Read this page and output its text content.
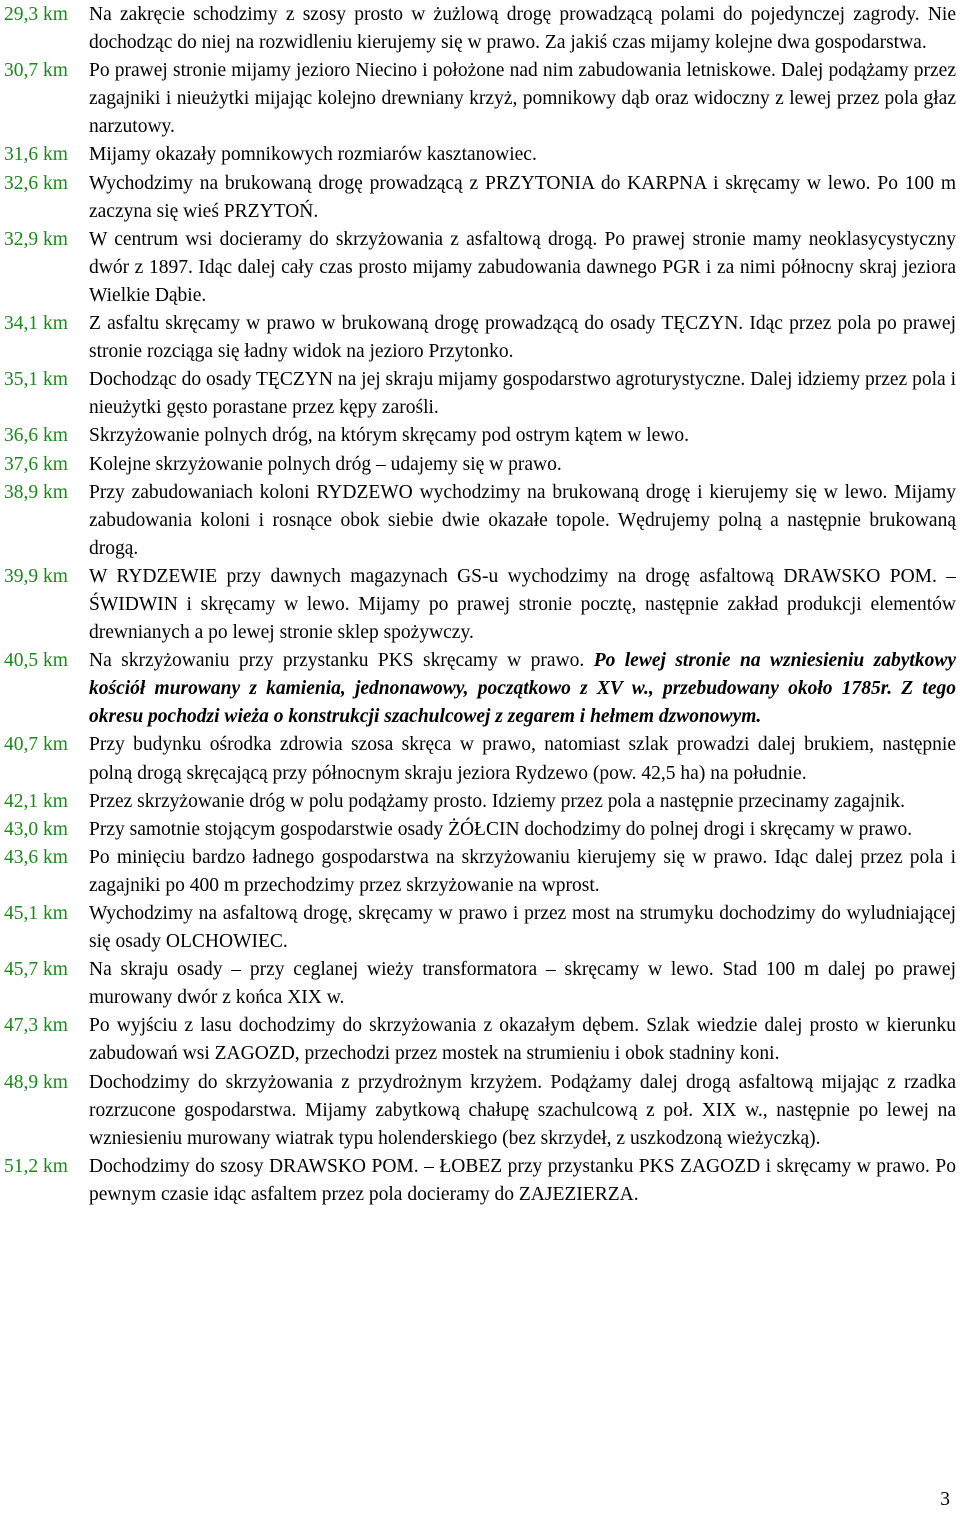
29,3 km	Na zakręcie schodzimy z szosy prosto w żużlową drogę prowadzącą polami do pojedynczej zagrody. Nie dochodząc do niej na rozwidleniu kierujemy się w prawo. Za jakiś czas mijamy kolejne dwa gospodarstwa.
30,7 km	Po prawej stronie mijamy jezioro Niecino i położone nad nim zabudowania letniskowe. Dalej podążamy przez zagajniki i nieużytki mijając kolejno drewniany krzyż, pomnikowy dąb oraz widoczny z lewej przez pola głaz narzutowy.
31,6 km	Mijamy okazały pomnikowych rozmiarów kasztanowiec.
32,6 km	Wychodzimy na brukowaną drogę prowadzącą z PRZYTONIA do KARPNA i skręcamy w lewo. Po 100 m zaczyna się wieś PRZYTOŃ.
32,9 km	W centrum wsi docieramy do skrzyżowania z asfaltową drogą. Po prawej stronie mamy neoklasycystyczny dwór z 1897. Idąc dalej cały czas prosto mijamy zabudowania dawnego PGR i za nimi północny skraj jeziora Wielkie Dąbie.
34,1 km	Z asfaltu skręcamy w prawo w brukowaną drogę prowadzącą do osady TĘCZYN. Idąc przez pola po prawej stronie rozciąga się ładny widok na jezioro Przytonko.
35,1 km	Dochodząc do osady TĘCZYN na jej skraju mijamy gospodarstwo agroturystyczne. Dalej idziemy przez pola i nieużytki gęsto porastane przez kępy zarośli.
36,6 km	Skrzyżowanie polnych dróg, na którym skręcamy pod ostrym kątem w lewo.
37,6 km	Kolejne skrzyżowanie polnych dróg – udajemy się w prawo.
38,9 km	Przy zabudowaniach koloni RYDZEWO wychodzimy na brukowaną drogę i kierujemy się w lewo. Mijamy zabudowania koloni i rosnące obok siebie dwie okazałe topole. Wędrujemy polną a następnie brukowaną drogą.
39,9 km	W RYDZEWIE przy dawnych magazynach GS-u wychodzimy na drogę asfaltową DRAWSKO POM. – ŚWIDWIN i skręcamy w lewo. Mijamy po prawej stronie pocztę, następnie zakład produkcji elementów drewnianych a po lewej stronie sklep spożywczy.
40,5 km	Na skrzyżowaniu przy przystanku PKS skręcamy w prawo. Po lewej stronie na wzniesieniu zabytkowy kościół murowany z kamienia, jednonawowy, początkowo z XV w., przebudowany około 1785r. Z tego okresu pochodzi wieża o konstrukcji szachulcowej z zegarem i hełmem dzwonowym.
40,7 km	Przy budynku ośrodka zdrowia szosa skręca w prawo, natomiast szlak prowadzi dalej brukiem, następnie polną drogą skręcającą przy północnym skraju jeziora Rydzewo (pow. 42,5 ha) na południe.
42,1 km	Przez skrzyżowanie dróg w polu podążamy prosto. Idziemy przez pola a następnie przecinamy zagajnik.
43,0 km	Przy samotnie stojącym gospodarstwie osady ŻÓŁCIN dochodzimy do polnej drogi i skręcamy w prawo.
43,6 km	Po minięciu bardzo ładnego gospodarstwa na skrzyżowaniu kierujemy się w prawo. Idąc dalej przez pola i zagajniki po 400 m przechodzimy przez skrzyżowanie na wprost.
45,1 km	Wychodzimy na asfaltową drogę, skręcamy w prawo i przez most na strumyku dochodzimy do wyludniającej się osady OLCHOWIEC.
45,7 km	Na skraju osady – przy ceglanej wieży transformatora – skręcamy w lewo. Stad 100 m dalej po prawej murowany dwór z końca XIX w.
47,3 km	Po wyjściu z lasu dochodzimy do skrzyżowania z okazałym dębem. Szlak wiedzie dalej prosto w kierunku zabudowań wsi ZAGOZD, przechodzi przez mostek na strumieniu i obok stadniny koni.
48,9 km	Dochodzimy do skrzyżowania z przydrożnym krzyżem. Podążamy dalej drogą asfaltową mijając z rzadka rozrzucone gospodarstwa. Mijamy zabytkową chałupę szachulcową z poł. XIX w., następnie po lewej na wzniesieniu murowany wiatrak typu holenderskiego (bez skrzydeł, z uszkodzoną wieżyczką).
51,2 km	Dochodzimy do szosy DRAWSKO POM. – ŁOBEZ przy przystanku PKS ZAGOZD i skręcamy w prawo. Po pewnym czasie idąc asfaltem przez pola docieramy do ZAJEZIERZA.
3
